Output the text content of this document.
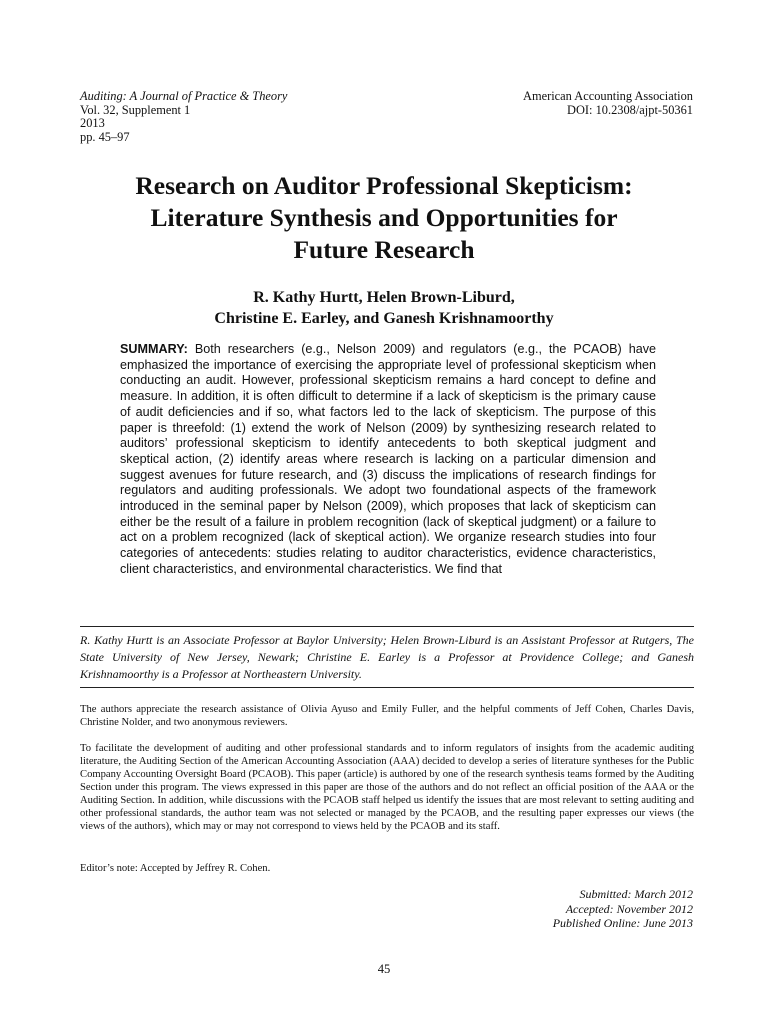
Auditing: A Journal of Practice & Theory
Vol. 32, Supplement 1
2013
pp. 45–97
American Accounting Association
DOI: 10.2308/ajpt-50361
Research on Auditor Professional Skepticism:
Literature Synthesis and Opportunities for
Future Research
R. Kathy Hurtt, Helen Brown-Liburd,
Christine E. Earley, and Ganesh Krishnamoorthy

SUMMARY: Both researchers (e.g., Nelson 2009) and regulators (e.g., the PCAOB) have emphasized the importance of exercising the appropriate level of professional skepticism when conducting an audit. However, professional skepticism remains a hard concept to define and measure. In addition, it is often difficult to determine if a lack of skepticism is the primary cause of audit deficiencies and if so, what factors led to the lack of skepticism. The purpose of this paper is threefold: (1) extend the work of Nelson (2009) by synthesizing research related to auditors’ professional skepticism to identify antecedents to both skeptical judgment and skeptical action, (2) identify areas where research is lacking on a particular dimension and suggest avenues for future research, and (3) discuss the implications of research findings for regulators and auditing professionals. We adopt two foundational aspects of the framework introduced in the seminal paper by Nelson (2009), which proposes that lack of skepticism can either be the result of a failure in problem recognition (lack of skeptical judgment) or a failure to act on a problem recognized (lack of skeptical action). We organize research studies into four categories of antecedents: studies relating to auditor characteristics, evidence characteristics, client characteristics, and environmental characteristics. We find that

R. Kathy Hurtt is an Associate Professor at Baylor University; Helen Brown-Liburd is an Assistant Professor at Rutgers, The State University of New Jersey, Newark; Christine E. Earley is a Professor at Providence College; and Ganesh Krishnamoorthy is a Professor at Northeastern University.

The authors appreciate the research assistance of Olivia Ayuso and Emily Fuller, and the helpful comments of Jeff Cohen, Charles Davis, Christine Nolder, and two anonymous reviewers.

To facilitate the development of auditing and other professional standards and to inform regulators of insights from the academic auditing literature, the Auditing Section of the American Accounting Association (AAA) decided to develop a series of literature syntheses for the Public Company Accounting Oversight Board (PCAOB). This paper (article) is authored by one of the research synthesis teams formed by the Auditing Section under this program. The views expressed in this paper are those of the authors and do not reflect an official position of the AAA or the Auditing Section. In addition, while discussions with the PCAOB staff helped us identify the issues that are most relevant to setting auditing and other professional standards, the author team was not selected or managed by the PCAOB, and the resulting paper expresses our views (the views of the authors), which may or may not correspond to views held by the PCAOB and its staff.

Editor’s note: Accepted by Jeffrey R. Cohen.

Submitted: March 2012
Accepted: November 2012
Published Online: June 2013
45
